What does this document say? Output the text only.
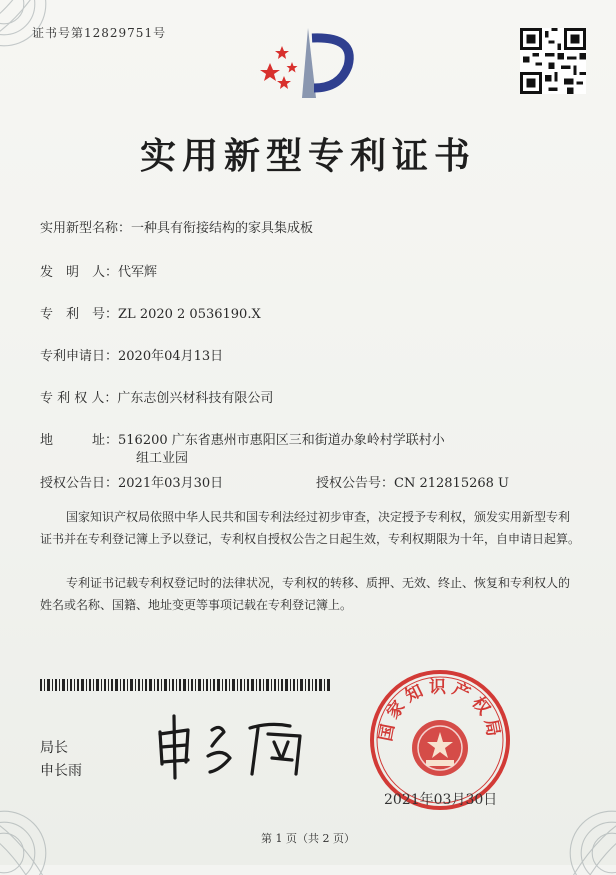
证书号第12829751号
实用新型专利证书
实用新型名称：一种具有衔接结构的家具集成板
发　明　人：代军辉
专　利　号：ZL 2020 2 0536190.X
专利申请日：2020年04月13日
专 利 权 人：广东志创兴材科技有限公司
地　　　址：516200 广东省惠州市惠阳区三和街道办象岭村学联村小
组工业园
授权公告日：2021年03月30日	授权公告号：CN 212815268 U
国家知识产权局依照中华人民共和国专利法经过初步审查，决定授予专利权，颁发实用新型专利证书并在专利登记簿上予以登记，专利权自授权公告之日起生效，专利权期限为十年，自申请日起算。
专利证书记载专利权登记时的法律状况，专利权的转移、质押、无效、终止、恢复和专利权人的姓名或名称、国籍、地址变更等事项记载在专利登记簿上。
局长
申长雨
国家知识产权局
2021年03月30日
第 1 页（共 2 页）
